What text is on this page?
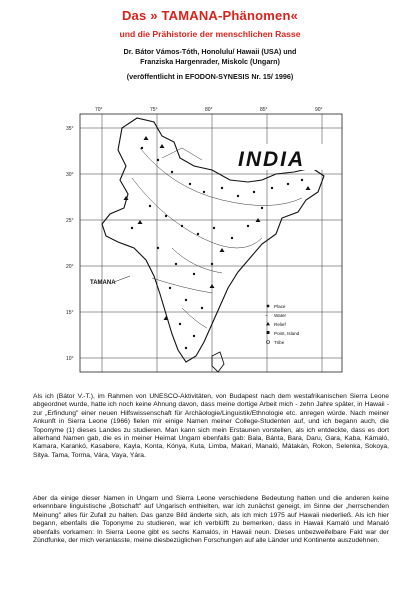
Das » TAMANA-Phänomen«
und die Prähistorie der menschlichen Rasse
Dr. Bátor Vámos-Tóth, Honolulu/ Hawaii (USA) und
Franziska Hargenrader, Miskolc (Ungarn)
(veröffentlicht in EFODON-SYNESIS Nr. 15/ 1996)
70°	75°	80°	85°	90°
35°
30°
25°
20°
15°
10°
INDIA
TAMANA
Place
~ Water
Relief
Point, Island
Tribe

Als ich (Bátor V.-T.), im Rahmen von UNESCO-Aktivitäten, von Budapest nach dem westafrikanischen Sierra Leone abgeordnet wurde, hatte ich noch keine Ahnung davon, dass meine dortige Arbeit mich - zehn Jahre später, in Hawaii - zur „Erfindung" einer neuen Hilfswissenschaft für Archäologie/Linguistik/Ethnologie etc. anregen würde. Nach meiner Ankunft in Sierra Leone (1966) fielen mir einige Namen meiner College-Studenten auf, und ich begann auch, die Toponyme (1) dieses Landes zu studieren. Man kann sich mein Erstaunen vorstellen, als ich entdeckte, dass es dort allerhand Namen gab, die es in meiner Heimat Ungarn ebenfalls gab: Bala, Bánta, Bara, Daru, Gara, Kaba, Kámaló, Kamara, Karankó, Kasabere, Kayla, Konta, Kónya, Kuta, Limba, Makari, Manaló, Mátakán, Rokon, Selenka, Sokoya, Sitya. Tama, Torma, Vára, Vaya, Yára.

Aber da einige dieser Namen in Ungarn und Sierra Leone verschiedene Bedeutung hatten und die anderen keine erkennbare linguistische „Botschaft" auf Ungarisch enthielten, war ich zunächst geneigt, im Sinne der „herrschenden Meinung" alles für Zufall zu halten. Das ganze Bild änderte sich, als ich mich 1975 auf Hawaii niederließ. Als ich hier begann, ebenfalls die Toponyme zu studieren, war ich verblüfft zu bemerken, dass in Hawaii Kamaló und Manaló ebenfalls vorkamen: In Sierra Leone gibt es sechs Kamalós, in Hawaii neun. Dieses unbezweifelbare Fakt war der Zündfunke, der mich veranlasste, meine diesbezüglichen Forschungen auf alle Länder und Kontinente auszudehnen.
